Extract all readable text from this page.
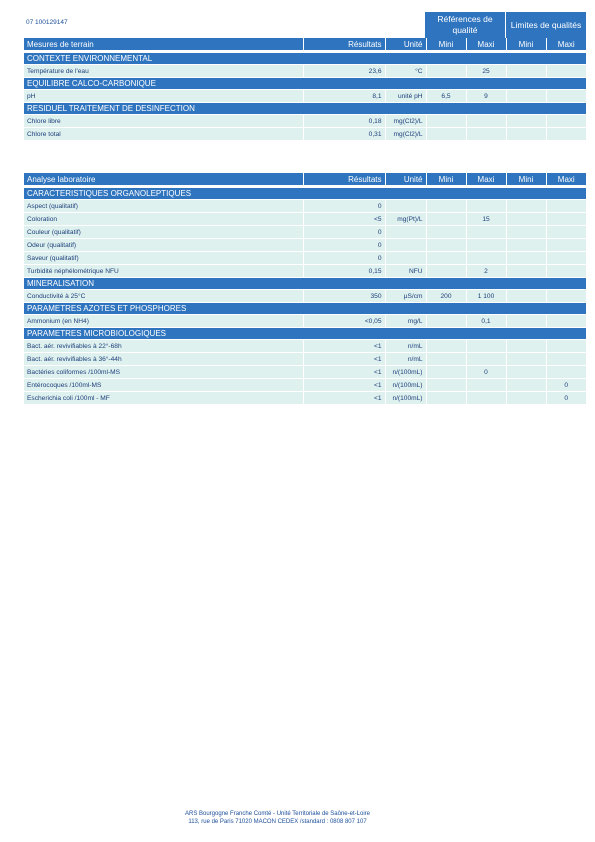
07 100129147	Références de qualité
Limites de qualités
Mesures de terrain	Résultats	Unité	Mini	Maxi	Mini	Maxi

CONTEXTE ENVIRONNEMENTAL						
Température de l'eau	23,6	°C		25		
EQUILIBRE CALCO-CARBONIQUE						
pH	8,1	unité pH	6,5	9		
RESIDUEL TRAITEMENT DE DESINFECTION						
Chlore libre	0,18	mg(Cl2)/L				
Chlore total	0,31	mg(Cl2)/L				
Analyse laboratoire	Résultats	Unité	Mini	Maxi	Mini	Maxi

CARACTERISTIQUES ORGANOLEPTIQUES						
Aspect (qualitatif)	0					
Coloration	<5	mg(Pt)/L		15		
Couleur (qualitatif)	0					
Odeur (qualitatif)	0					
Saveur (qualitatif)	0					
Turbidité néphélométrique NFU	0,15	NFU		2		
MINERALISATION						
Conductivité à 25°C	350	µS/cm	200	1 100		
PARAMETRES AZOTES ET PHOSPHORES						
Ammonium (en NH4)	<0,05	mg/L		0,1		
PARAMETRES MICROBIOLOGIQUES						
Bact. aér. revivifiables à 22°-68h	<1	n/mL				
Bact. aér. revivifiables à 36°-44h	<1	n/mL				
Bactéries coliformes /100ml-MS	<1	n/(100mL)		0		
Entérocoques /100ml-MS	<1	n/(100mL)				0
Escherichia coli /100ml - MF	<1	n/(100mL)				0
ARS Bourgogne Franche Comté - Unité Territoriale de Saône-et-Loire
113, rue de Paris 71020 MACON CEDEX /standard : 0808 807 107
